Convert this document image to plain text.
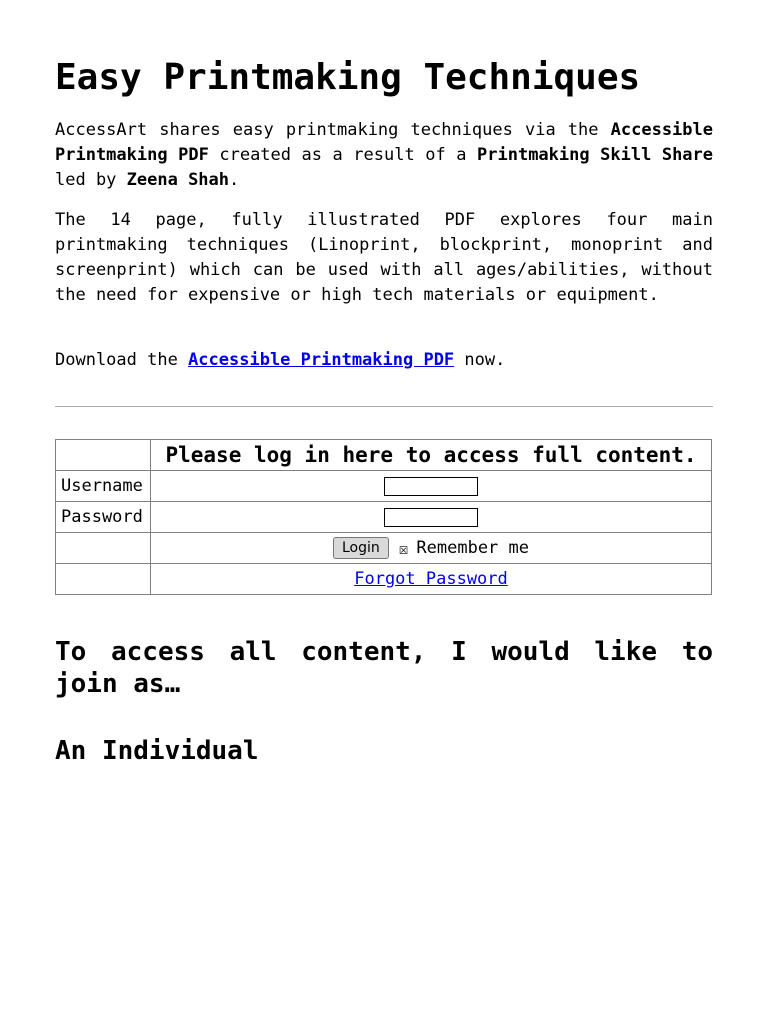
Easy Printmaking Techniques

AccessArt shares easy printmaking techniques via the Accessible Printmaking PDF created as a result of a Printmaking Skill Share led by Zeena Shah.

The 14 page, fully illustrated PDF explores four main printmaking techniques (Linoprint, blockprint, monoprint and screenprint) which can be used with all ages/abilities, without the need for expensive or high tech materials or equipment.

Download the Accessible Printmaking PDF now.

	Please log in here to access full content.
Username	
Password	
	Login ☒ Remember me
	Forgot Password
To access all content, I would like to join as…
An Individual
